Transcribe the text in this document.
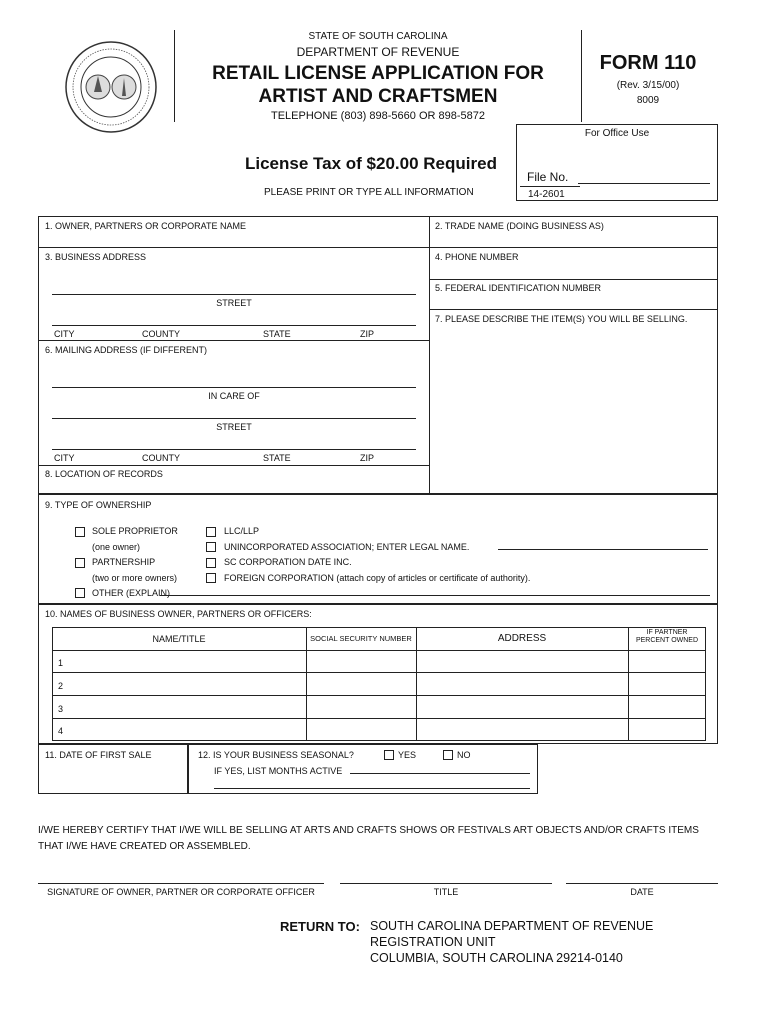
STATE OF SOUTH CAROLINA
DEPARTMENT OF REVENUE
RETAIL LICENSE APPLICATION FOR
ARTIST AND CRAFTSMEN
TELEPHONE (803) 898-5660 OR 898-5872
FORM 110
(Rev. 3/15/00)
8009
For Office Use
File No.
14-2601
License Tax of $20.00 Required
PLEASE PRINT OR TYPE ALL INFORMATION
1. OWNER, PARTNERS OR CORPORATE NAME	2. TRADE NAME (DOING BUSINESS AS)
3. BUSINESS ADDRESS	4. PHONE NUMBER
5. FEDERAL IDENTIFICATION NUMBER
7. PLEASE DESCRIBE THE ITEM(S) YOU WILL BE SELLING.
STREET
CITY	COUNTY	STATE	ZIP
6. MAILING ADDRESS (IF DIFFERENT)
IN CARE OF
STREET
CITY	COUNTY	STATE	ZIP
8. LOCATION OF RECORDS
9. TYPE OF OWNERSHIP
SOLE PROPRIETOR
(one owner)
PARTNERSHIP
(two or more owners)
OTHER (EXPLAIN)
LLC/LLP
UNINCORPORATED ASSOCIATION; ENTER LEGAL NAME.
SC CORPORATION DATE INC.
FOREIGN CORPORATION (attach copy of articles or certificate of authority).
10. NAMES OF BUSINESS OWNER, PARTNERS OR OFFICERS:
NAME/TITLE	SOCIAL SECURITY NUMBER	ADDRESS
IF PARTNER
PERCENT OWNED
1
2
3
4
11. DATE OF FIRST SALE	12. IS YOUR BUSINESS SEASONAL?	YES	NO
IF YES, LIST MONTHS ACTIVE
I/WE HEREBY CERTIFY THAT I/WE WILL BE SELLING AT ARTS AND CRAFTS SHOWS OR FESTIVALS ART OBJECTS AND/OR CRAFTS ITEMS THAT I/WE HAVE CREATED OR ASSEMBLED.
SIGNATURE OF OWNER, PARTNER OR CORPORATE OFFICER	TITLE	DATE
RETURN TO: SOUTH CAROLINA DEPARTMENT OF REVENUE
REGISTRATION UNIT
COLUMBIA, SOUTH CAROLINA 29214-0140
